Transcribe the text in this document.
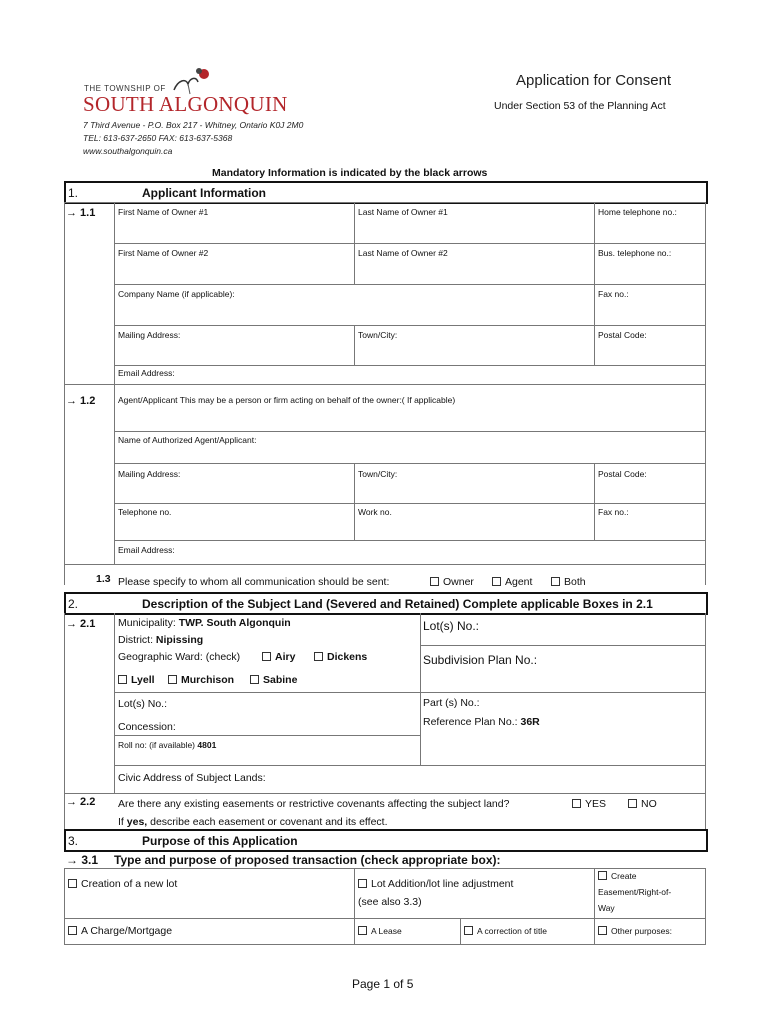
THE TOWNSHIP OF
SOUTH ALGONQUIN
7 Third Avenue - P.O. Box 217 - Whitney, Ontario K0J 2M0
TEL: 613-637-2650 FAX: 613-637-5368
www.southalgonquin.ca
Application for Consent
Under Section 53 of the Planning Act
Mandatory Information is indicated by the black arrows
1.	Applicant Information
→ 1.1	First Name of Owner #1	Last Name of Owner #1	Home telephone no.:
First Name of Owner #2	Last Name of Owner #2	Bus. telephone no.:
Company Name (if applicable):	Fax no.:
Mailing Address:	Town/City:	Postal Code:
Email Address:
→ 1.2	Agent/Applicant This may be a person or firm acting on behalf of the owner:( If applicable)
Name of Authorized Agent/Applicant:
Mailing Address:	Town/City:	Postal Code:
Telephone no.	Work no.	Fax no.:
Email Address:
1.3 Please specify to whom all communication should be sent:	Owner	Agent	Both
2.	Description of the Subject Land (Severed and Retained) Complete applicable Boxes in 2.1
→ 2.1 Municipality: TWP. South Algonquin
District: Nipissing
Geographic Ward: (check)	Airy	Dickens
Lyell	Murchison	Sabine
Lot(s) No.:
Subdivision Plan No.:
Lot(s) No.:	Part (s) No.:
Concession:	Reference Plan No.: 36R
Roll no: (if available) 4801
Civic Address of Subject Lands:
→ 2.2 Are there any existing easements or restrictive covenants affecting the subject land?	YES	NO
If yes, describe each easement or covenant and its effect.
3.	Purpose of this Application
→ 3.1 Type and purpose of proposed transaction (check appropriate box):
Creation of a new lot	Lot Addition/lot line adjustment
(see also 3.3)
Create
Easement/Right-of-
Way
A Charge/Mortgage	A Lease	A correction of title	Other purposes:
Page 1 of 5
